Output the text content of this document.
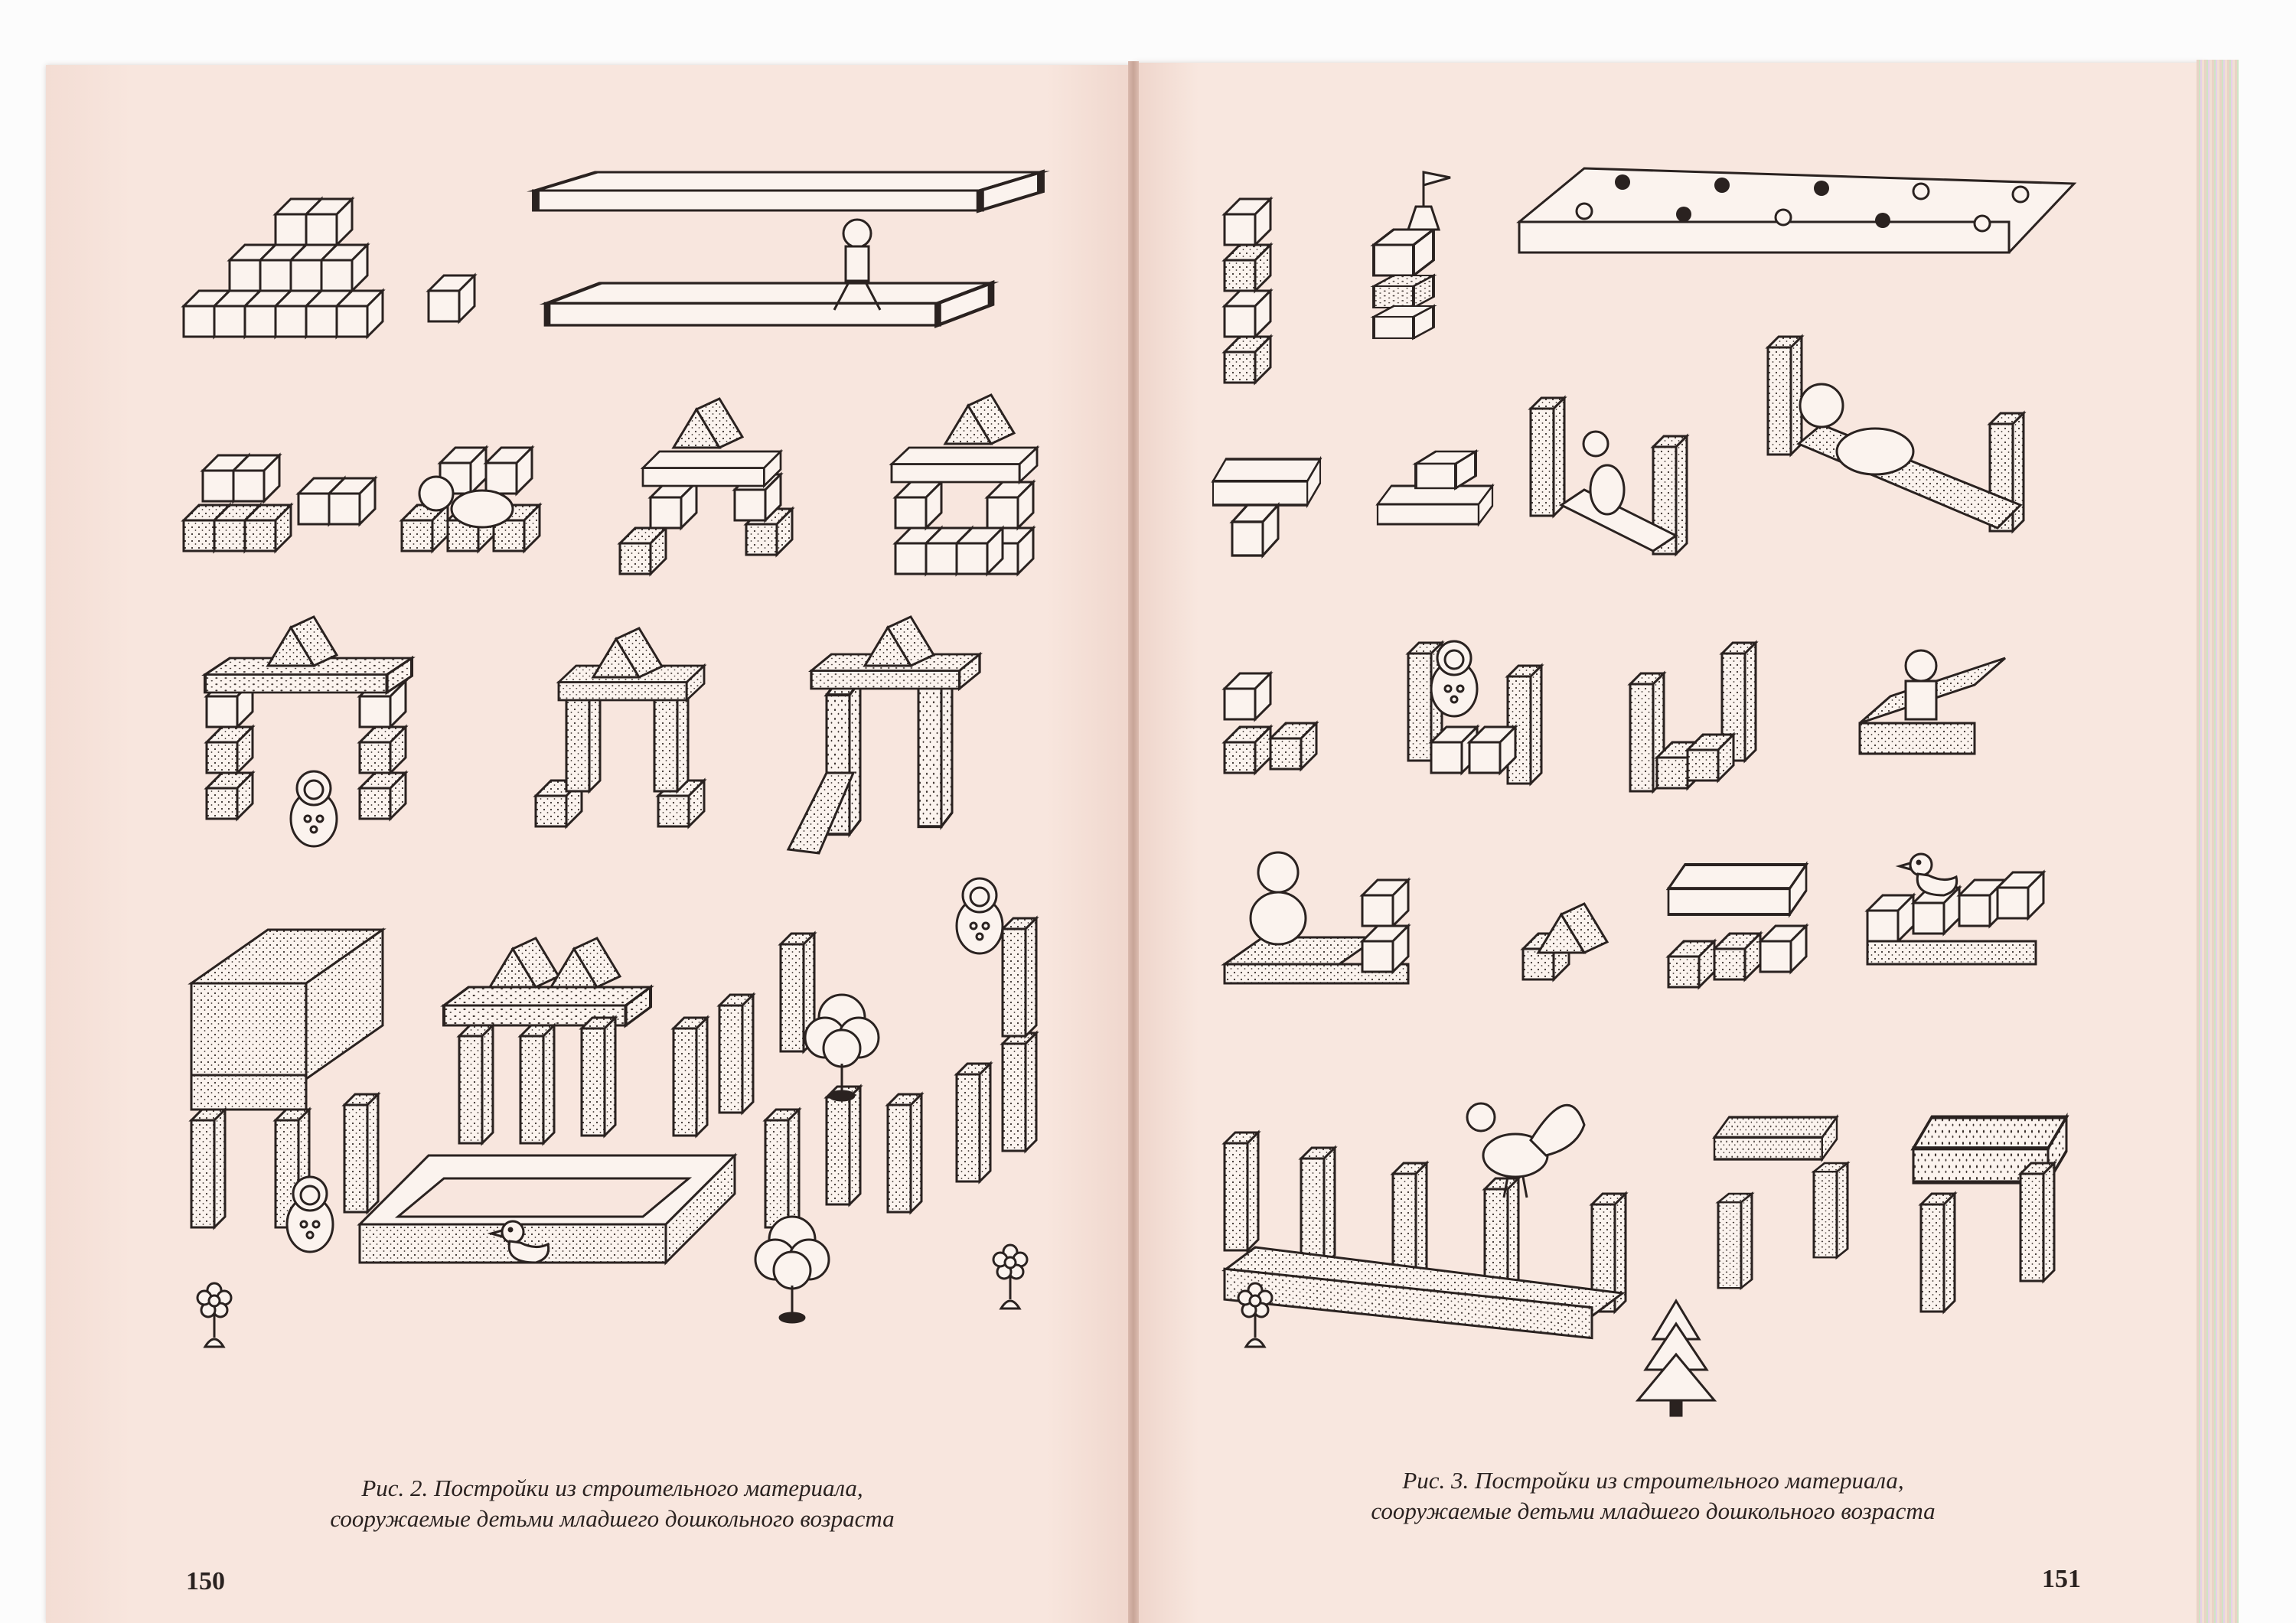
Рис. 2. Постройки из строительного материала,
сооружаемые детьми младшего дошкольного возраста
Рис. 3. Постройки из строительного материала,
сооружаемые детьми младшего дошкольного возраста
150	151
